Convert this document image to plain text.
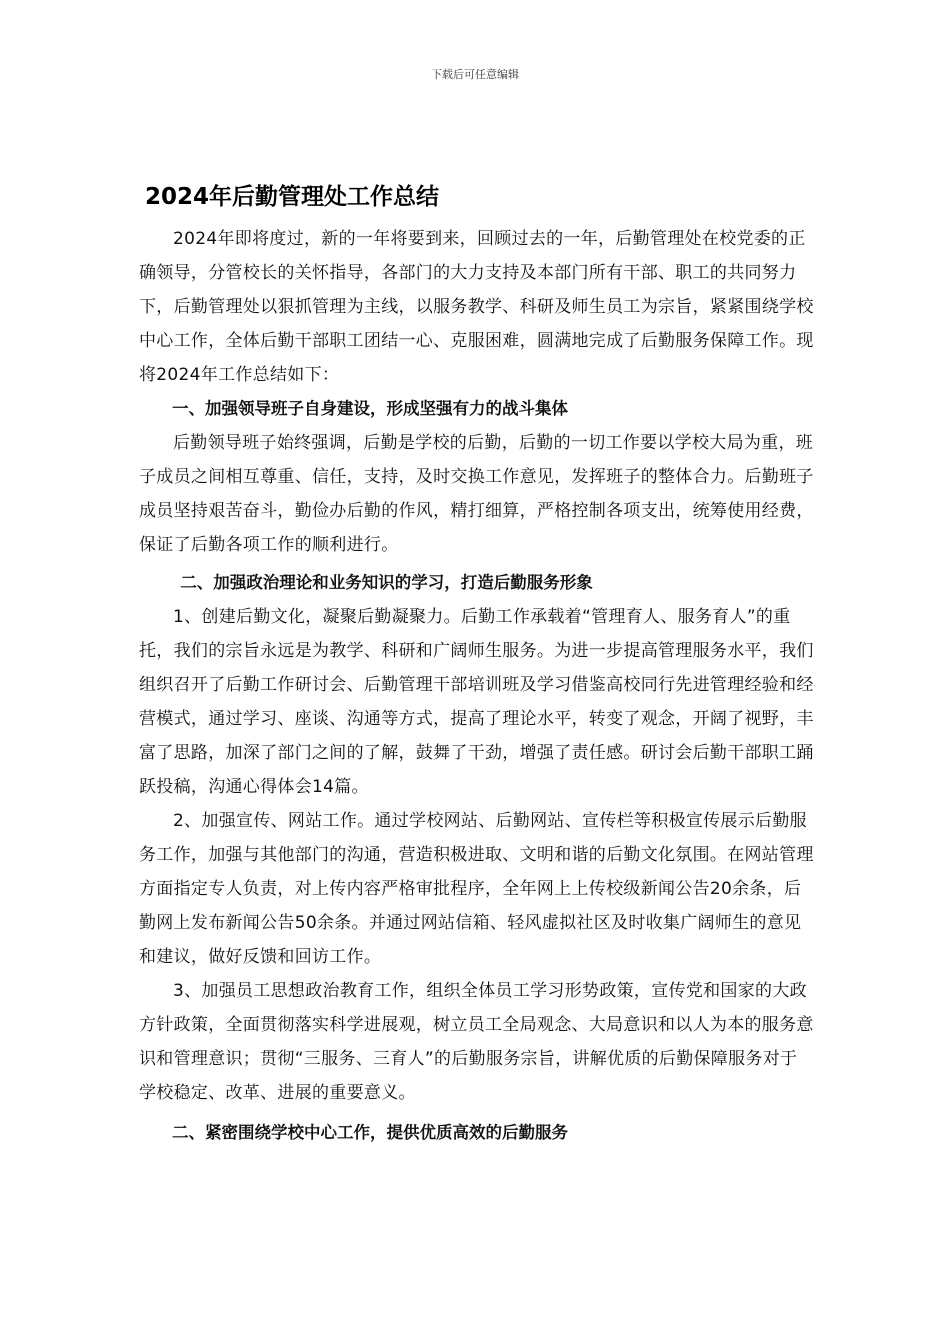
下载后可任意编辑
2024年后勤管理处工作总结

2024年即将度过，新的一年将要到来，回顾过去的一年，后勤管理处在校党委的正确领导，分管校长的关怀指导，各部门的大力支持及本部门所有干部、职工的共同努力下，后勤管理处以狠抓管理为主线，以服务教学、科研及师生员工为宗旨，紧紧围绕学校中心工作，全体后勤干部职工团结一心、克服困难，圆满地完成了后勤服务保障工作。现将2024年工作总结如下：

一、加强领导班子自身建设，形成坚强有力的战斗集体

后勤领导班子始终强调，后勤是学校的后勤，后勤的一切工作要以学校大局为重，班子成员之间相互尊重、信任，支持，及时交换工作意见，发挥班子的整体合力。后勤班子成员坚持艰苦奋斗，勤俭办后勤的作风，精打细算，严格控制各项支出，统筹使用经费，保证了后勤各项工作的顺利进行。

二、加强政治理论和业务知识的学习，打造后勤服务形象

1、创建后勤文化，凝聚后勤凝聚力。后勤工作承载着“管理育人、服务育人”的重托，我们的宗旨永远是为教学、科研和广阔师生服务。为进一步提高管理服务水平，我们组织召开了后勤工作研讨会、后勤管理干部培训班及学习借鉴高校同行先进管理经验和经营模式，通过学习、座谈、沟通等方式，提高了理论水平，转变了观念，开阔了视野，丰富了思路，加深了部门之间的了解，鼓舞了干劲，增强了责任感。研讨会后勤干部职工踊跃投稿，沟通心得体会14篇。

2、加强宣传、网站工作。通过学校网站、后勤网站、宣传栏等积极宣传展示后勤服务工作，加强与其他部门的沟通，营造积极进取、文明和谐的后勤文化氛围。在网站管理方面指定专人负责，对上传内容严格审批程序，全年网上上传校级新闻公告20余条，后勤网上发布新闻公告50余条。并通过网站信箱、轻风虚拟社区及时收集广阔师生的意见和建议，做好反馈和回访工作。

3、加强员工思想政治教育工作，组织全体员工学习形势政策，宣传党和国家的大政方针政策，全面贯彻落实科学进展观，树立员工全局观念、大局意识和以人为本的服务意识和管理意识；贯彻“三服务、三育人”的后勤服务宗旨，讲解优质的后勤保障服务对于学校稳定、改革、进展的重要意义。

二、紧密围绕学校中心工作，提供优质高效的后勤服务
